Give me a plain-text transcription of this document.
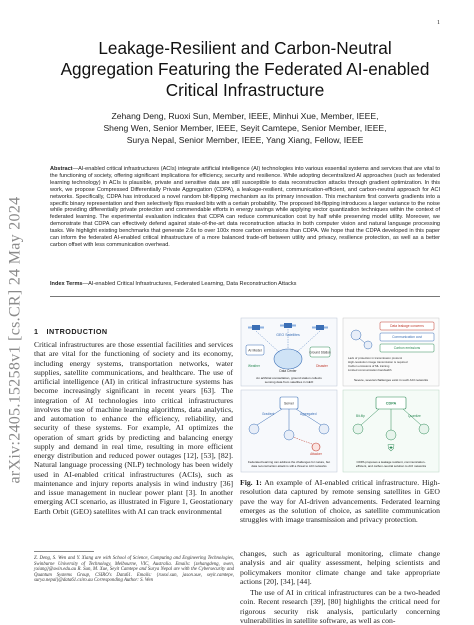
1
arXiv:2405.15258v1 [cs.CR] 24 May 2024
Leakage-Resilient and Carbon-Neutral
Aggregation Featuring the Federated AI-enabled
Critical Infrastructure
Zehang Deng, Ruoxi Sun, Member, IEEE, Minhui Xue, Member, IEEE,
Sheng Wen, Senior Member, IEEE, Seyit Camtepe, Senior Member, IEEE,
Surya Nepal, Senior Member, IEEE, Yang Xiang, Fellow, IEEE
Abstract—AI-enabled critical infrastructures (ACIs) integrate artificial intelligence (AI) technologies into various essential systems and services that are vital to the functioning of society, offering significant implications for efficiency, security and resilience. While adopting decentralized AI approaches (such as federated learning technology) in ACIs is plausible, private and sensitive data are still susceptible to data reconstruction attacks through gradient optimization. In this work, we propose Compressed Differentially Private Aggregation (CDPA), a leakage-resilient, communication-efficient, and carbon-neutral approach for ACI networks. Specifically, CDPA has introduced a novel random bit-flipping mechanism as its primary innovation. This mechanism first converts gradients into a specific binary representation and then selectively flips masked bits with a certain probability. The proposed bit-flipping introduces a larger variance to the noise while providing differentially private protection and commendable efforts in energy savings while applying vector quantization techniques within the context of federated learning. The experimental evaluation indicates that CDPA can reduce communication cost by half while preserving model utility. Moreover, we demonstrate that CDPA can effectively defend against state-of-the-art data reconstruction attacks in both computer vision and natural language processing tasks. We highlight existing benchmarks that generate 2.6x to over 100x more carbon emissions than CDPA. We hope that the CDPA developed in this paper can inform the federated AI-enabled critical infrastructure of a more balanced trade-off between utility and privacy, resilience protection, as well as a better carbon offset with less communication overhead.
Index Terms—AI-enabled Critical Infrastructures, Federated Learning, Data Reconstruction Attacks
1 INTRODUCTION
Critical infrastructures are those essential facilities and services that are vital for the functioning of society and its economy, including energy systems, transportation networks, water supplies, satellite communications, and healthcare. The use of artificial intelligence (AI) in critical infrastructure systems has become increasingly significant in recent years [63]. The integration of AI technologies into critical infrastructures involves the use of machine learning algorithms, data analytics, and automation to enhance the efficiency, reliability, and security of these systems. For example, AI optimizes the operation of smart grids by predicting and balancing energy supply and demand in real time, resulting in more efficient energy distribution and reduced power outages [12], [53], [82]. Natural language processing (NLP) technology has been widely used in AI-enabled critical infrastructures (ACIs), such as maintenance and injury reports analysis in wind industry [36] and issue management in nuclear power plant [3]. In another emerging ACI scenario, as illustrated in Figure 1, Geostationary Earth Orbit (GEO) satellites with AI can track environmental
Z. Deng, S. Wen and Y. Xiang are with School of Science, Computing and Engineering Technologies, Swinburne University of Technology, Melbourne, VIC, Australia. Emails: {zehangdeng, swen, yxiang}@swin.edu.au R. Sun, M. Xue, Seyit Camtepe and Surya Nepal are with the Cybersecurity and Quantum Systems Group, CSIRO's Data61. Emails: {ruoxi.sun, jason.xue, seyit.camtepe, surya.nepal}@data61.csiro.au Corresponding Author: S. Wen
AI Model
GEO Satellites
Ground Station
Data Center
Weather	Disaster
An artificial constellation, ground station collects
sensing data from satellites in GEO
Data leakage concerns
Communication cost
Carbon emissions
Lack of protection in transmission protocol
High-resolution image transmission is required
Carbon emissions of ML training
Limited communication bandwidth
Severe, several challenges exist in such ACI networks
Server
Gradient	Aggregated
Attacker
Federated learning can address the challenges for nature, but
data reconstruction attack is still a threat to ACI networks
CDPA
Bit-flip	Quantize
⛨
CDPA proposes a leakage resilient, communication-
efficient, and carbon-neutral solution to ACI networks
Fig. 1: An example of AI-enabled critical infrastructure. High-resolution data captured by remote sensing satellites in GEO pave the way for AI-driven advancements. Federated learning emerges as the solution of choice, as satellite communication struggles with image transmission and privacy protection.

changes, such as agricultural monitoring, climate change analysis and air quality assessment, helping scientists and policymakers monitor climate change and take appropriate actions [20], [34], [44].

The use of AI in critical infrastructures can be a two-headed coin. Recent research [39], [80] highlights the critical need for rigorous security risk analysis, particularly concerning vulnerabilities in satellite software, as well as con-
